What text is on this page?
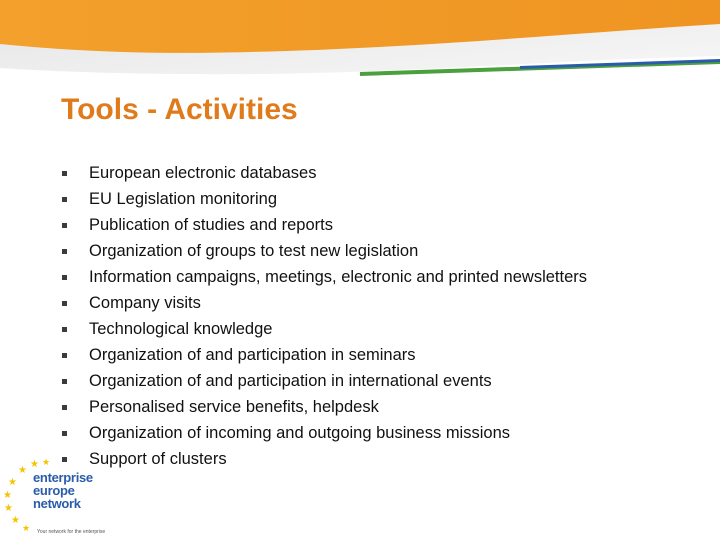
Tools - Activities
European electronic databases
EU Legislation monitoring
Publication of studies and reports
Organization of groups to test new legislation
Information campaigns, meetings, electronic and printed newsletters
Company visits
Technological knowledge
Organization of and participation in seminars
Organization of and participation in international events
Personalised service benefits, helpdesk
Organization of incoming and outgoing business missions
Support of clusters
★ ★
★
★
★
★
★
★
enterprise
europe
network
Your network for the enterprise
